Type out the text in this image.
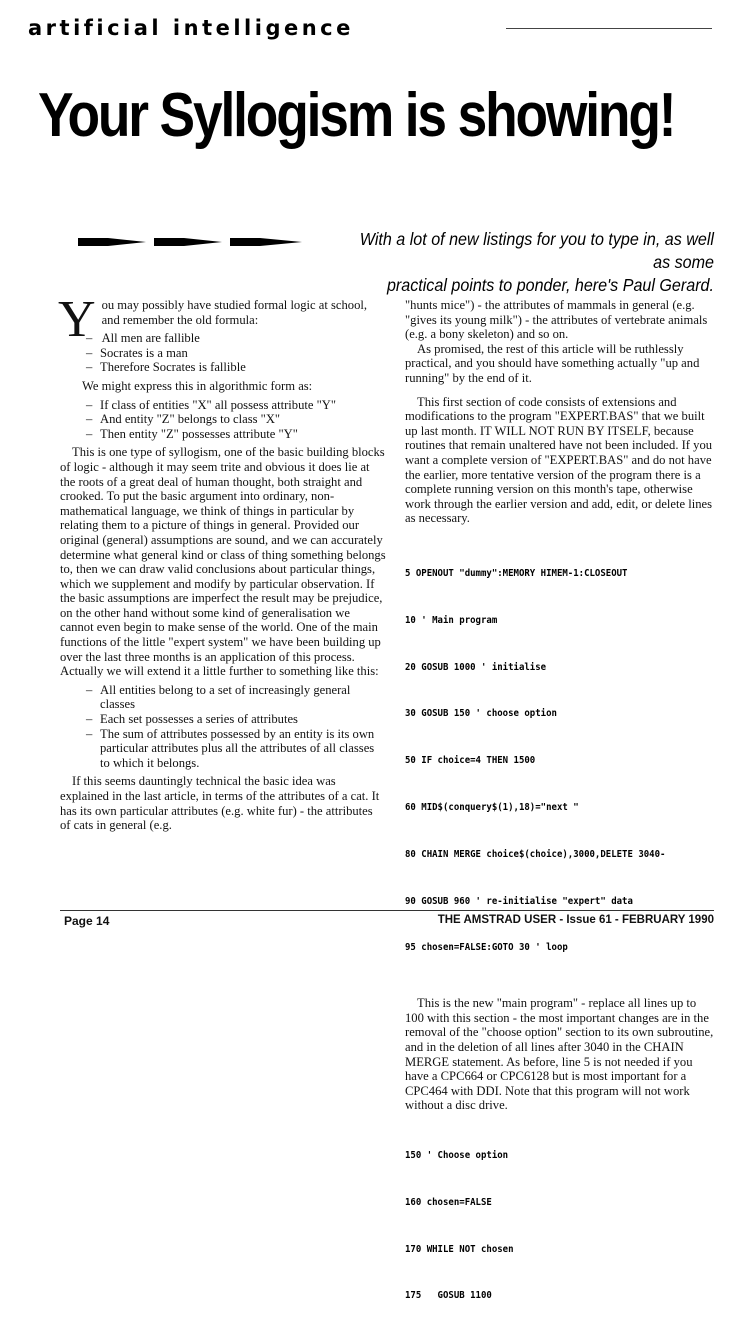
artificial intelligence
Your Syllogism is showing!
With a lot of new listings for you to type in, as well as some
practical points to ponder, here's Paul Gerard.

You may possibly have studied formal logic at school, and remember the old formula:

– All men are fallible
– Socrates is a man
– Therefore Socrates is fallible

We might express this in algorithmic form as:

– If class of entities "X" all possess attribute "Y"
– And entity "Z" belongs to class "X"
– Then entity "Z" possesses attribute "Y"

This is one type of syllogism, one of the basic building blocks of logic - although it may seem trite and obvious it does lie at the roots of a great deal of human thought, both straight and crooked. To put the basic argument into ordinary, non-mathematical language, we think of things in particular by relating them to a picture of things in general. Provided our original (general) assumptions are sound, and we can accurately determine what general kind or class of thing something belongs to, then we can draw valid conclusions about particular things, which we supplement and modify by particular observation. If the basic assumptions are imperfect the result may be prejudice, on the other hand without some kind of generalisation we cannot even begin to make sense of the world. One of the main functions of the little "expert system" we have been building up over the last three months is an application of this process. Actually we will extend it a little further to something like this:

– All entities belong to a set of increasingly general classes
– Each set possesses a series of attributes
– The sum of attributes possessed by an entity is its own particular attributes plus all the attributes of all classes to which it belongs.

If this seems dauntingly technical the basic idea was explained in the last article, in terms of the attributes of a cat. It has its own particular attributes (e.g. white fur) - the attributes of cats in general (e.g.

"hunts mice") - the attributes of mammals in general (e.g. "gives its young milk") - the attributes of vertebrate animals (e.g. a bony skeleton) and so on.

As promised, the rest of this article will be ruthlessly practical, and you should have something actually "up and running" by the end of it.

This first section of code consists of extensions and modifications to the program "EXPERT.BAS" that we built up last month. IT WILL NOT RUN BY ITSELF, because routines that remain unaltered have not been included. If you want a complete version of "EXPERT.BAS" and do not have the earlier, more tentative version of the program there is a complete running version on this month's tape, otherwise work through the earlier version and add, edit, or delete lines as necessary.

5 OPENOUT "dummy":MEMORY HIMEM-1:CLOSEOUT

10 ' Main program

20 GOSUB 1000 ' initialise

30 GOSUB 150 ' choose option

50 IF choice=4 THEN 1500

60 MID$(conquery$(1),18)="next "

80 CHAIN MERGE choice$(choice),3000,DELETE 3040-

90 GOSUB 960 ' re-initialise "expert" data

95 chosen=FALSE:GOTO 30 ' loop

This is the new "main program" - replace all lines up to 100 with this section - the most important changes are in the removal of the "choose option" section to its own subroutine, and in the deletion of all lines after 3040 in the CHAIN MERGE statement. As before, line 5 is not needed if you have a CPC664 or CPC6128 but is most important for a CPC464 with DDI. Note that this program will not work without a disc drive.

150 ' Choose option

160 chosen=FALSE

170 WHILE NOT chosen

175   GOSUB 1100

Page 14	THE AMSTRAD USER - Issue 61 - FEBRUARY 1990
